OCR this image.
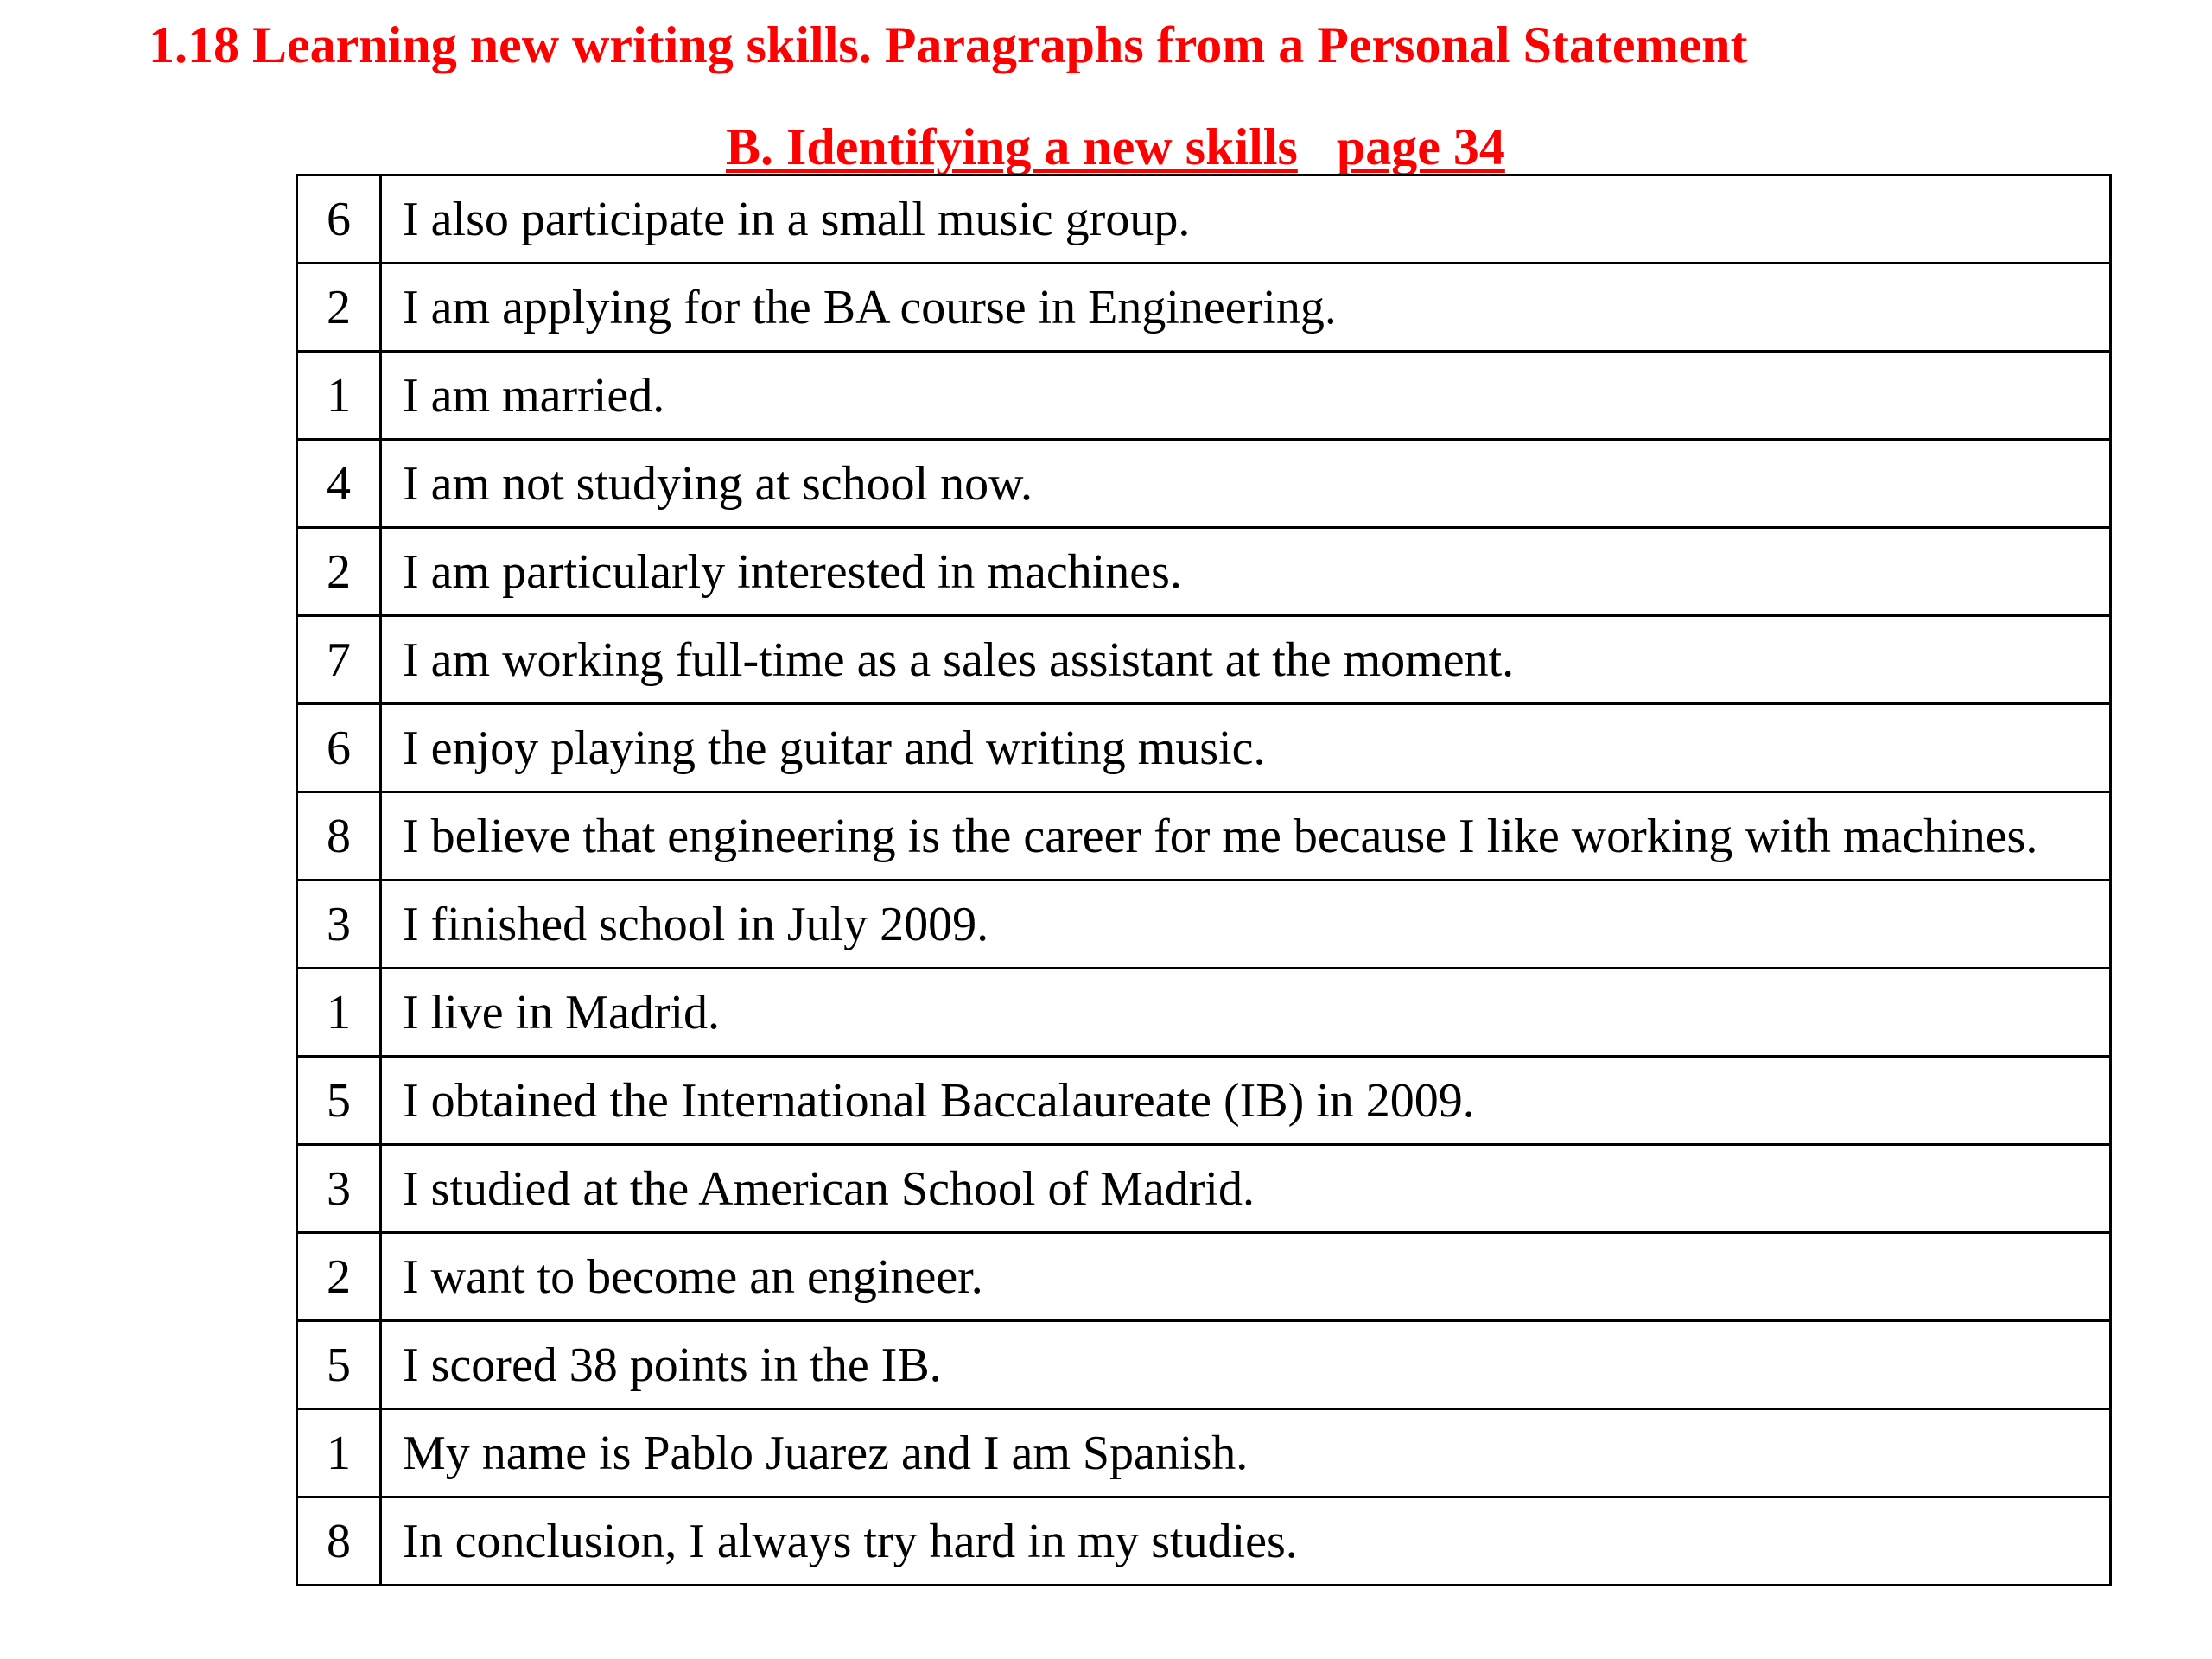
1.18 Learning new writing skills. Paragraphs from a Personal Statement
B. Identifying a new skills page 34
6	I also participate in a small music group.
2	I am applying for the BA course in Engineering.
1	I am married.
4	I am not studying at school now.
2	I am particularly interested in machines.
7	I am working full-time as a sales assistant at the moment.
6	I enjoy playing the guitar and writing music.
8	I believe that engineering is the career for me because I like working with machines.
3	I finished school in July 2009.
1	I live in Madrid.
5	I obtained the International Baccalaureate (IB) in 2009.
3	I studied at the American School of Madrid.
2	I want to become an engineer.
5	I scored 38 points in the IB.
1	My name is Pablo Juarez and I am Spanish.
8	In conclusion, I always try hard in my studies.
